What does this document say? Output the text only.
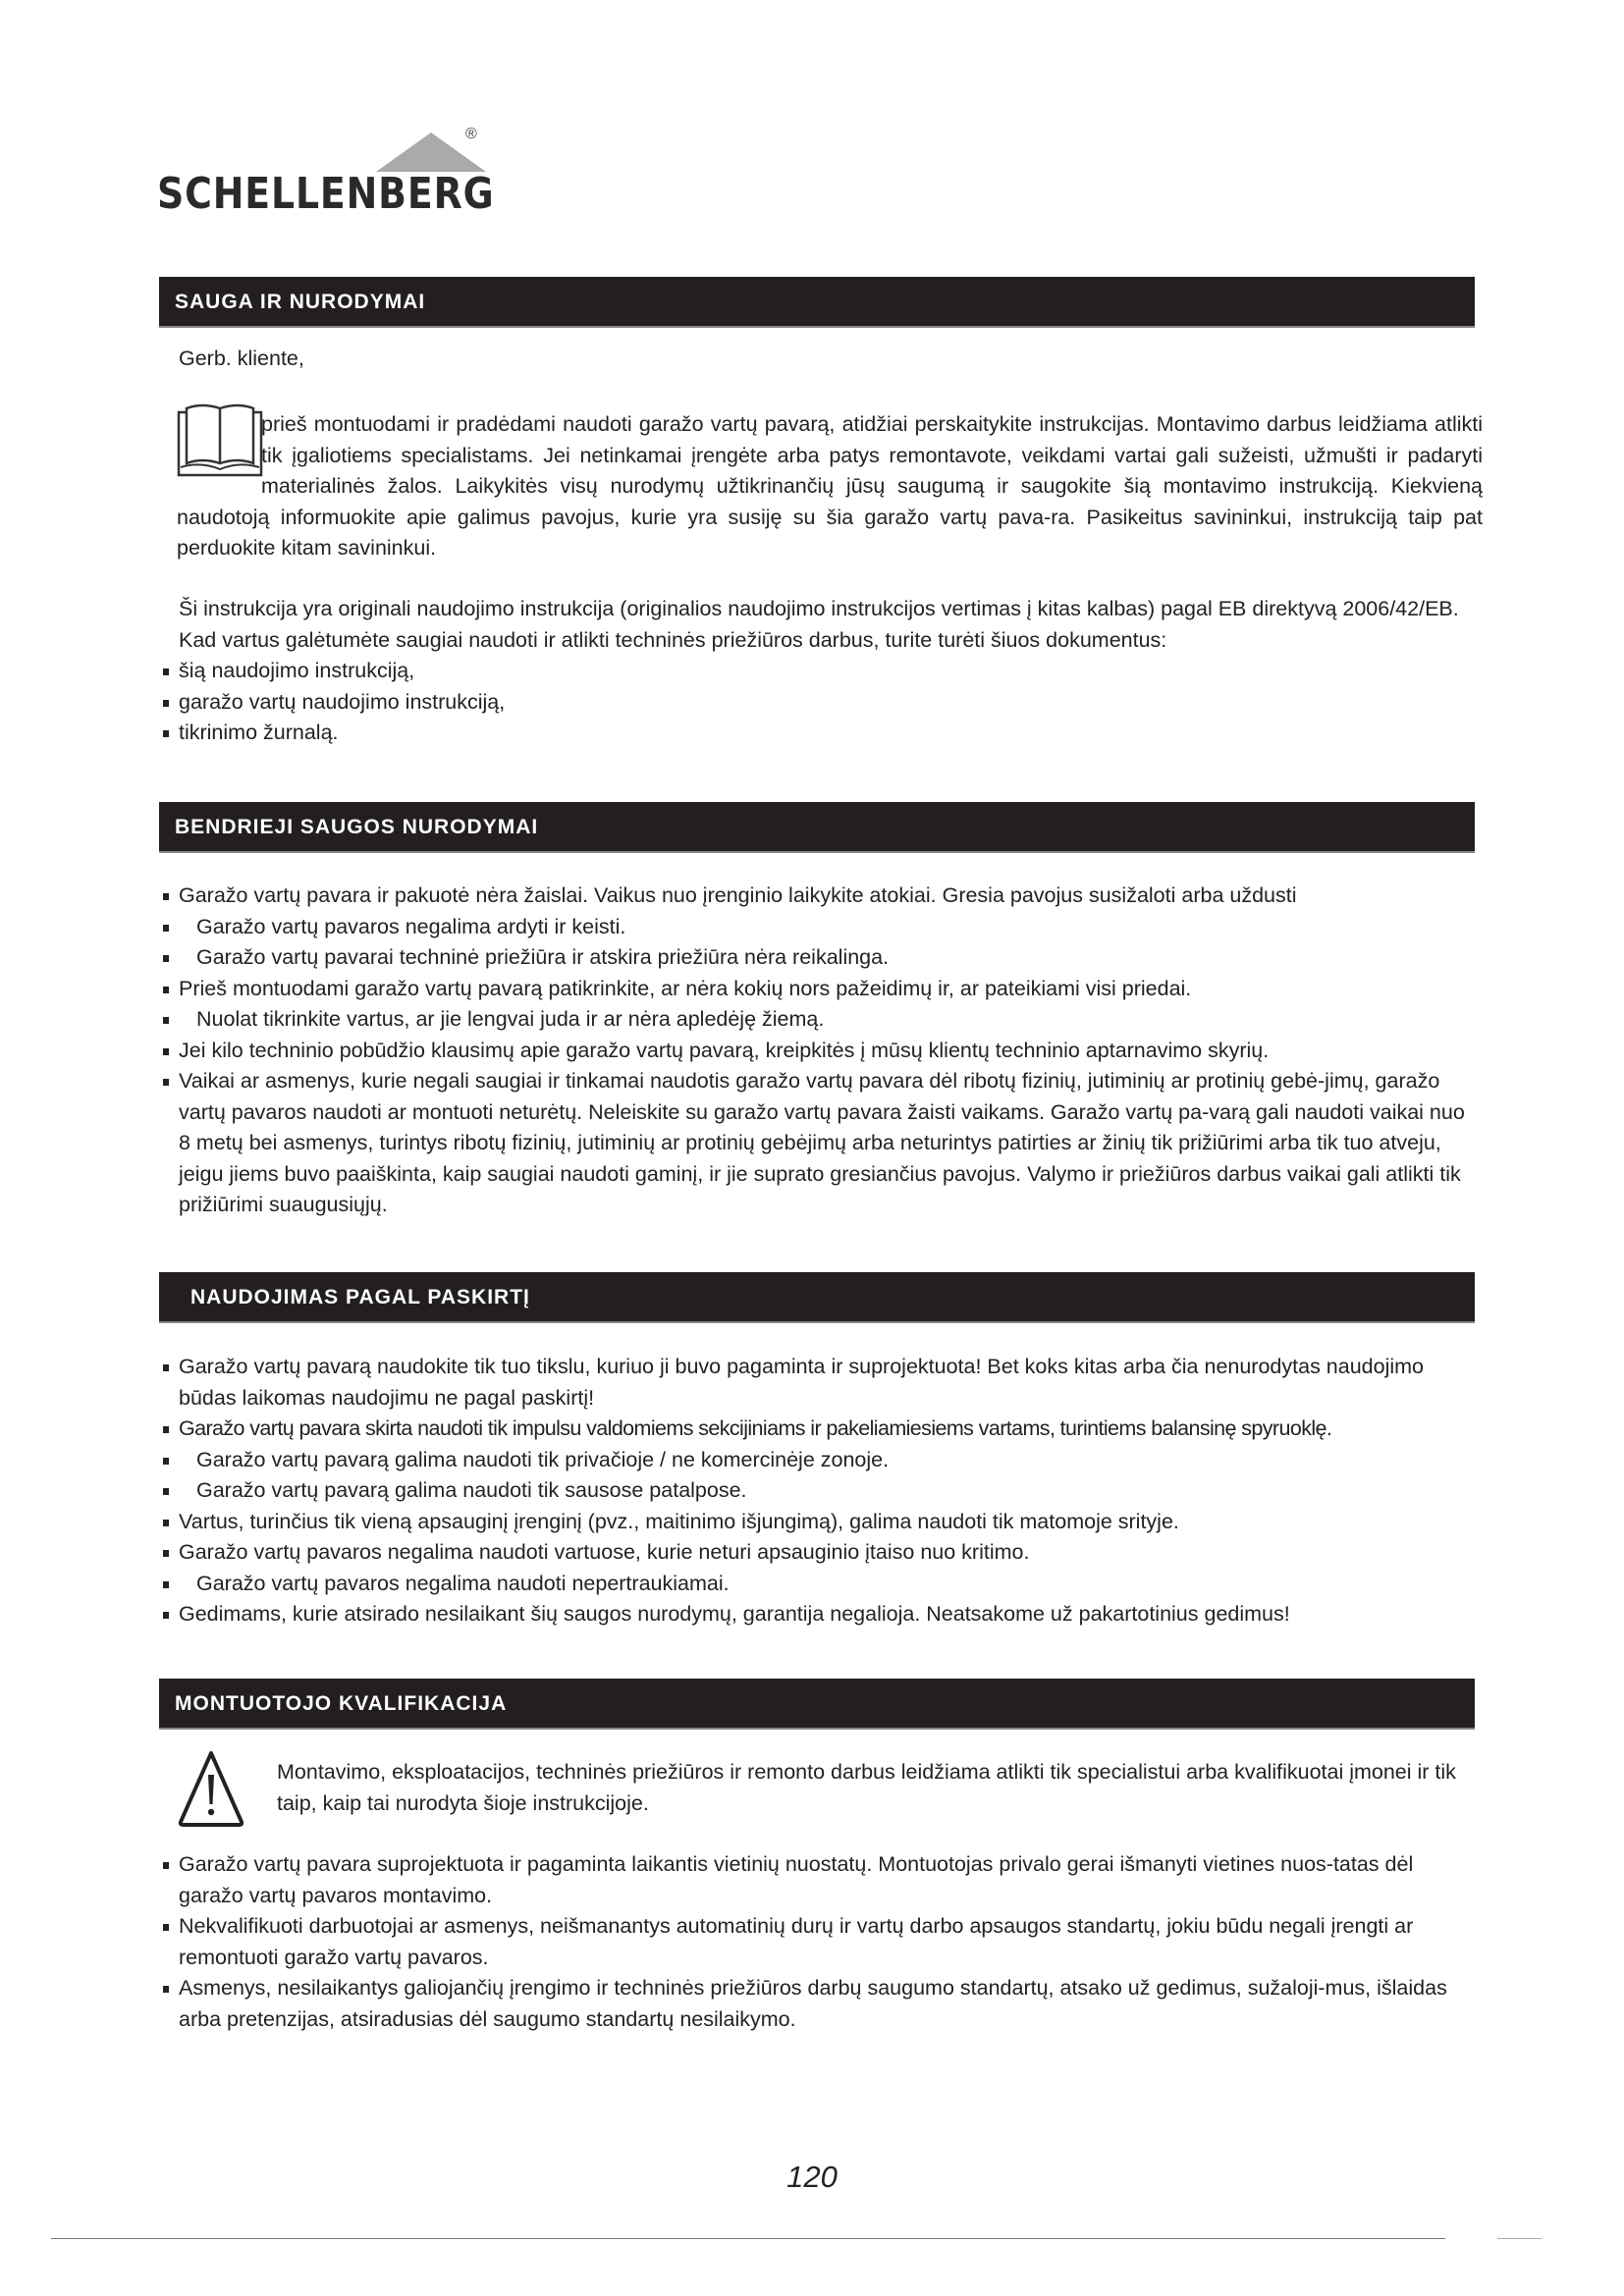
®
SCHELLENBERG
SAUGA IR NURODYMAI
Gerb. kliente,
prieš montuodami ir pradėdami naudoti garažo vartų pavarą, atidžiai perskaitykite instrukcijas. Montavimo darbus leidžiama atlikti tik įgaliotiems specialistams. Jei netinkamai įrengėte arba patys remontavote, veikdami vartai gali sužeisti, užmušti ir padaryti materialinės žalos. Laikykitės visų nurodymų užtikrinančių jūsų saugumą ir saugokite šią montavimo instrukciją. Kiekvieną naudotoją informuokite apie galimus pavojus, kurie yra susiję su šia garažo vartų pava-ra. Pasikeitus savininkui, instrukciją taip pat perduokite kitam savininkui.
Ši instrukcija yra originali naudojimo instrukcija (originalios naudojimo instrukcijos vertimas į kitas kalbas) pagal EB direktyvą 2006/42/EB. Kad vartus galėtumėte saugiai naudoti ir atlikti techninės priežiūros darbus, turite turėti šiuos dokumentus:
šią naudojimo instrukciją,
garažo vartų naudojimo instrukciją,
tikrinimo žurnalą.
BENDRIEJI SAUGOS NURODYMAI
Garažo vartų pavara ir pakuotė nėra žaislai. Vaikus nuo įrenginio laikykite atokiai. Gresia pavojus susižaloti arba uždusti
Garažo vartų pavaros negalima ardyti ir keisti.
Garažo vartų pavarai techninė priežiūra ir atskira priežiūra nėra reikalinga.
Prieš montuodami garažo vartų pavarą patikrinkite, ar nėra kokių nors pažeidimų ir, ar pateikiami visi priedai.
Nuolat tikrinkite vartus, ar jie lengvai juda ir ar nėra apledėję žiemą.
Jei kilo techninio pobūdžio klausimų apie garažo vartų pavarą, kreipkitės į mūsų klientų techninio aptarnavimo skyrių.
Vaikai ar asmenys, kurie negali saugiai ir tinkamai naudotis garažo vartų pavara dėl ribotų fizinių, jutiminių ar protinių gebė-jimų, garažo vartų pavaros naudoti ar montuoti neturėtų. Neleiskite su garažo vartų pavara žaisti vaikams. Garažo vartų pa-varą gali naudoti vaikai nuo 8 metų bei asmenys, turintys ribotų fizinių, jutiminių ar protinių gebėjimų arba neturintys patirties ar žinių tik prižiūrimi arba tik tuo atveju, jeigu jiems buvo paaiškinta, kaip saugiai naudoti gaminį, ir jie suprato gresiančius pavojus. Valymo ir priežiūros darbus vaikai gali atlikti tik prižiūrimi suaugusiųjų.
NAUDOJIMAS PAGAL PASKIRTĮ
Garažo vartų pavarą naudokite tik tuo tikslu, kuriuo ji buvo pagaminta ir suprojektuota! Bet koks kitas arba čia nenurodytas naudojimo būdas laikomas naudojimu ne pagal paskirtį!
Garažo vartų pavara skirta naudoti tik impulsu valdomiems sekcijiniams ir pakeliamiesiems vartams, turintiems balansinę spyruoklę.
Garažo vartų pavarą galima naudoti tik privačioje / ne komercinėje zonoje.
Garažo vartų pavarą galima naudoti tik sausose patalpose.
Vartus, turinčius tik vieną apsauginį įrenginį (pvz., maitinimo išjungimą), galima naudoti tik matomoje srityje.
Garažo vartų pavaros negalima naudoti vartuose, kurie neturi apsauginio įtaiso nuo kritimo.
Garažo vartų pavaros negalima naudoti nepertraukiamai.
Gedimams, kurie atsirado nesilaikant šių saugos nurodymų, garantija negalioja. Neatsakome už pakartotinius gedimus!
MONTUOTOJO KVALIFIKACIJA
Montavimo, eksploatacijos, techninės priežiūros ir remonto darbus leidžiama atlikti tik specialistui arba kvalifikuotai įmonei ir tik taip, kaip tai nurodyta šioje instrukcijoje.
Garažo vartų pavara suprojektuota ir pagaminta laikantis vietinių nuostatų. Montuotojas privalo gerai išmanyti vietines nuos-tatas dėl garažo vartų pavaros montavimo.
Nekvalifikuoti darbuotojai ar asmenys, neišmanantys automatinių durų ir vartų darbo apsaugos standartų, jokiu būdu negali įrengti ar remontuoti garažo vartų pavaros.
Asmenys, nesilaikantys galiojančių įrengimo ir techninės priežiūros darbų saugumo standartų, atsako už gedimus, sužaloji-mus, išlaidas arba pretenzijas, atsiradusias dėl saugumo standartų nesilaikymo.
120
